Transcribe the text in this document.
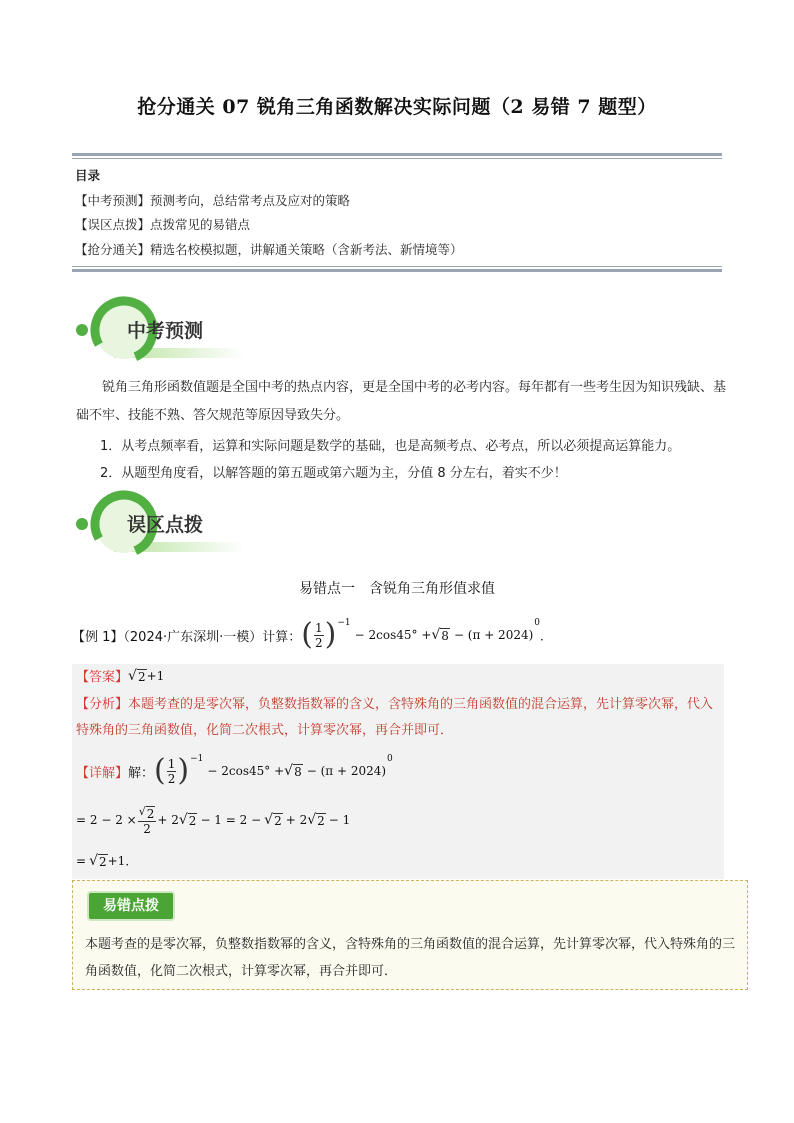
抢分通关 07 锐角三角函数解决实际问题（2 易错 7 题型）
目录
【中考预测】预测考向，总结常考点及应对的策略
【误区点拨】点拨常见的易错点
【抢分通关】精选名校模拟题，讲解通关策略（含新考法、新情境等）
中考预测
锐角三角形函数值题是全国中考的热点内容，更是全国中考的必考内容。每年都有一些考生因为知识残缺、基础不牢、技能不熟、答欠规范等原因导致失分。
1．从考点频率看，运算和实际问题是数学的基础，也是高频考点、必考点，所以必须提高运算能力。
2．从题型角度看，以解答题的第五题或第六题为主，分值 8 分左右，着实不少！
误区点拨
易错点一　含锐角三角形值求值
【例 1】（2024·广东深圳·一模）计算： ( $\frac{1}{2}$ ) −1
− 2cos45° + √ 8 − (π + 2024)
0
．
【答案】 √ 2 +1
【分析】本题考查的是零次幂，负整数指数幂的含义，含特殊角的三角函数值的混合运算，先计算零次幂，代入特殊角的三角函数值，化简二次根式，计算零次幂，再合并即可．
【详解】 解： ( $\frac{1}{2}$ ) −1
− 2cos45° + √ 8 − (π + 2024)
0
= $2 - 2 \times \frac{√ 2}{2} + 2$ √ 2 − 1 = 2 − √ 2 + 2 √ 2 − 1
= √ 2 +1．
易错点拨
本题考查的是零次幂，负整数指数幂的含义，含特殊角的三角函数值的混合运算，先计算零次幂，代入特殊角的三角函数值，化简二次根式，计算零次幂，再合并即可．
